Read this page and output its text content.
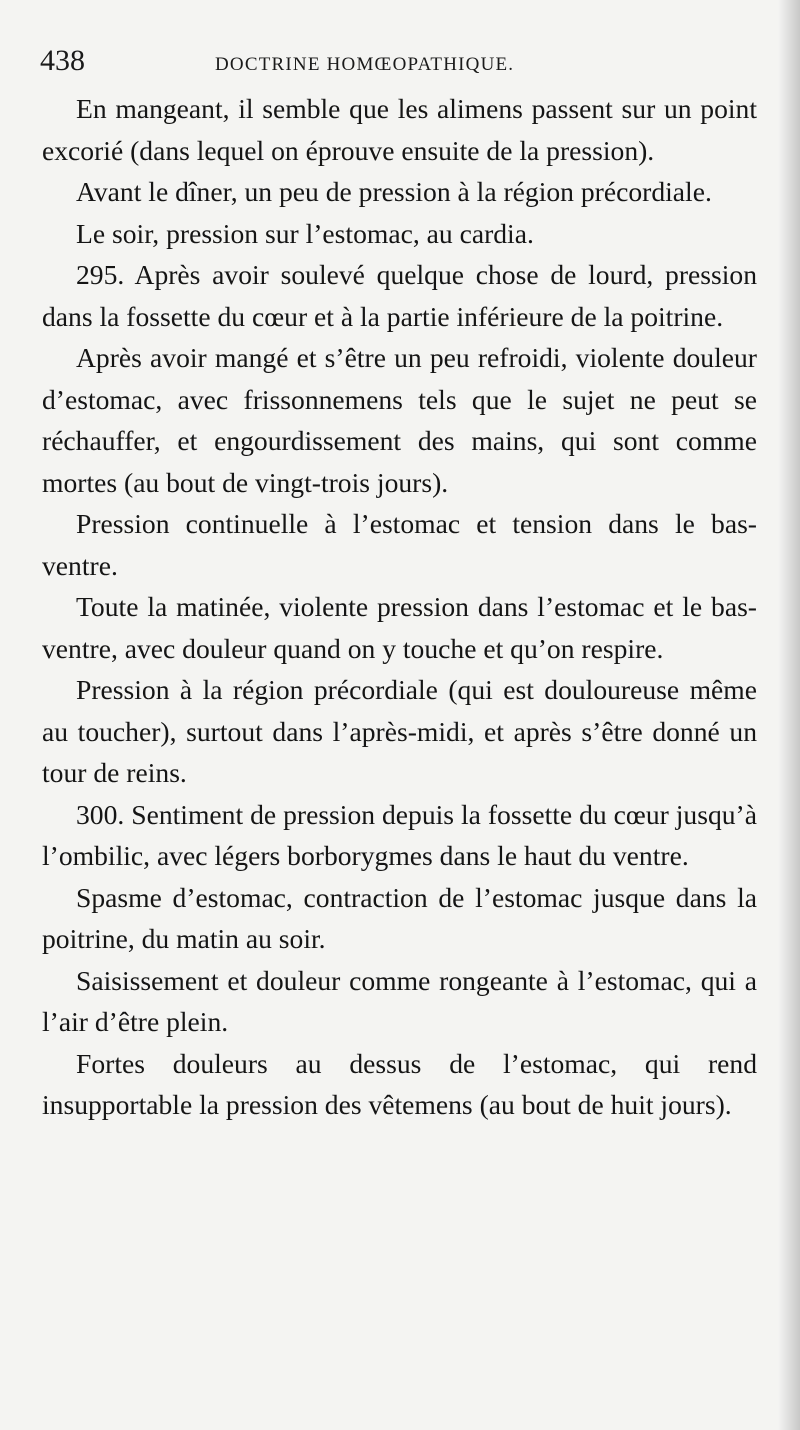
438	DOCTRINE HOMŒOPATHIQUE.

En mangeant, il semble que les alimens passent sur un point excorié (dans lequel on éprouve ensuite de la pression).

Avant le dîner, un peu de pression à la région précordiale.

Le soir, pression sur l’estomac, au cardia.

295. Après avoir soulevé quelque chose de lourd, pression dans la fossette du cœur et à la partie inférieure de la poitrine.

Après avoir mangé et s’être un peu refroidi, violente douleur d’estomac, avec frissonnemens tels que le sujet ne peut se réchauffer, et engourdissement des mains, qui sont comme mortes (au bout de vingt-trois jours).

Pression continuelle à l’estomac et tension dans le bas-ventre.

Toute la matinée, violente pression dans l’estomac et le bas-ventre, avec douleur quand on y touche et qu’on respire.

Pression à la région précordiale (qui est douloureuse même au toucher), surtout dans l’après-midi, et après s’être donné un tour de reins.

300. Sentiment de pression depuis la fossette du cœur jusqu’à l’ombilic, avec légers borborygmes dans le haut du ventre.

Spasme d’estomac, contraction de l’estomac jusque dans la poitrine, du matin au soir.

Saisissement et douleur comme rongeante à l’estomac, qui a l’air d’être plein.

Fortes douleurs au dessus de l’estomac, qui rend insupportable la pression des vêtemens (au bout de huit jours).
